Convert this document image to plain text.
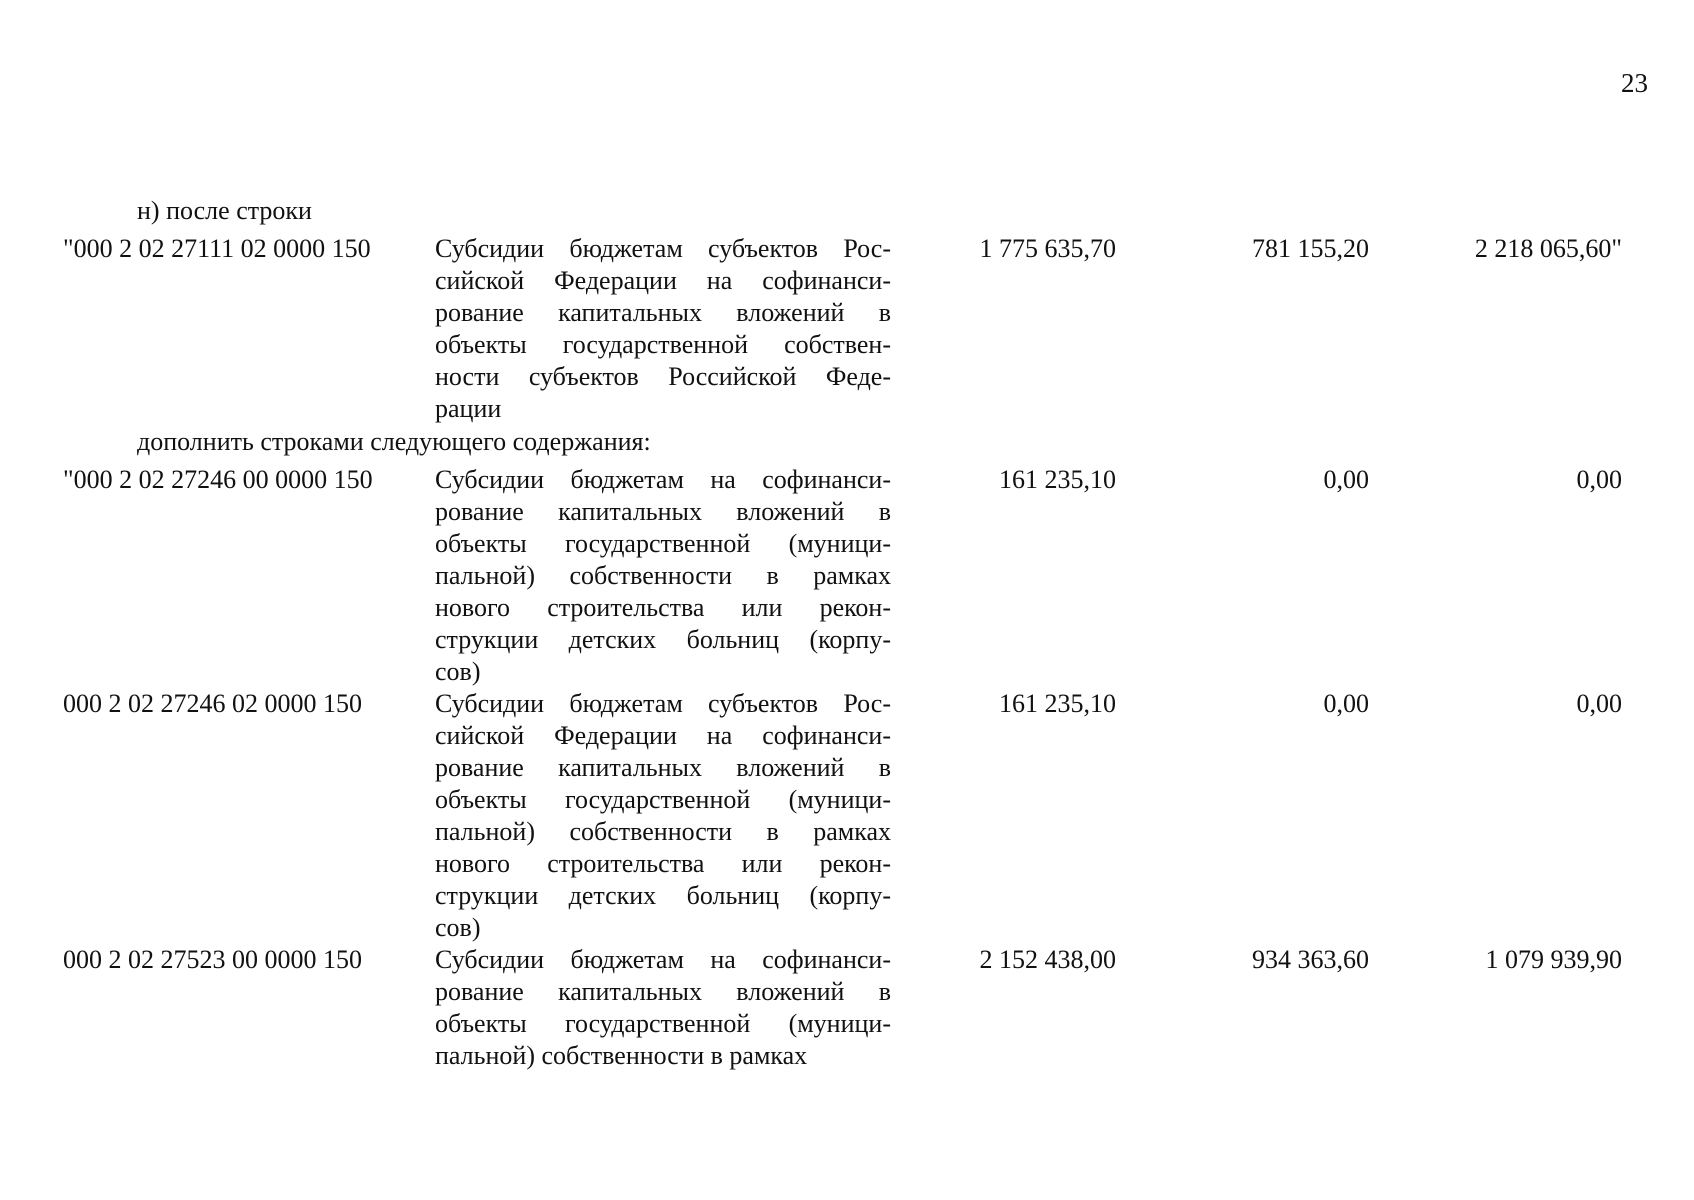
23
н) после строки
"000 2 02 27111 02 0000 150 Субсидии бюджетам субъектов Рос-
сийской Федерации на софинанси-
рование капитальных вложений в
объекты государственной собствен-
ности субъектов Российской Феде-
рации
1 775 635,70	781 155,20	2 218 065,60"
дополнить строками следующего содержания:
"000 2 02 27246 00 0000 150 Субсидии бюджетам на софинанси-
рование капитальных вложений в
объекты государственной (муници-
пальной) собственности в рамках
нового строительства или рекон-
струкции детских больниц (корпу-
сов)
161 235,10	0,00	0,00
000 2 02 27246 02 0000 150	Субсидии бюджетам субъектов Рос-
сийской Федерации на софинанси-
рование капитальных вложений в
объекты государственной (муници-
пальной) собственности в рамках
нового строительства или рекон-
струкции детских больниц (корпу-
сов)
161 235,10	0,00	0,00
000 2 02 27523 00 0000 150	Субсидии бюджетам на софинанси-
рование капитальных вложений в
объекты государственной (муници-
пальной) собственности в рамках
2 152 438,00	934 363,60	1 079 939,90
